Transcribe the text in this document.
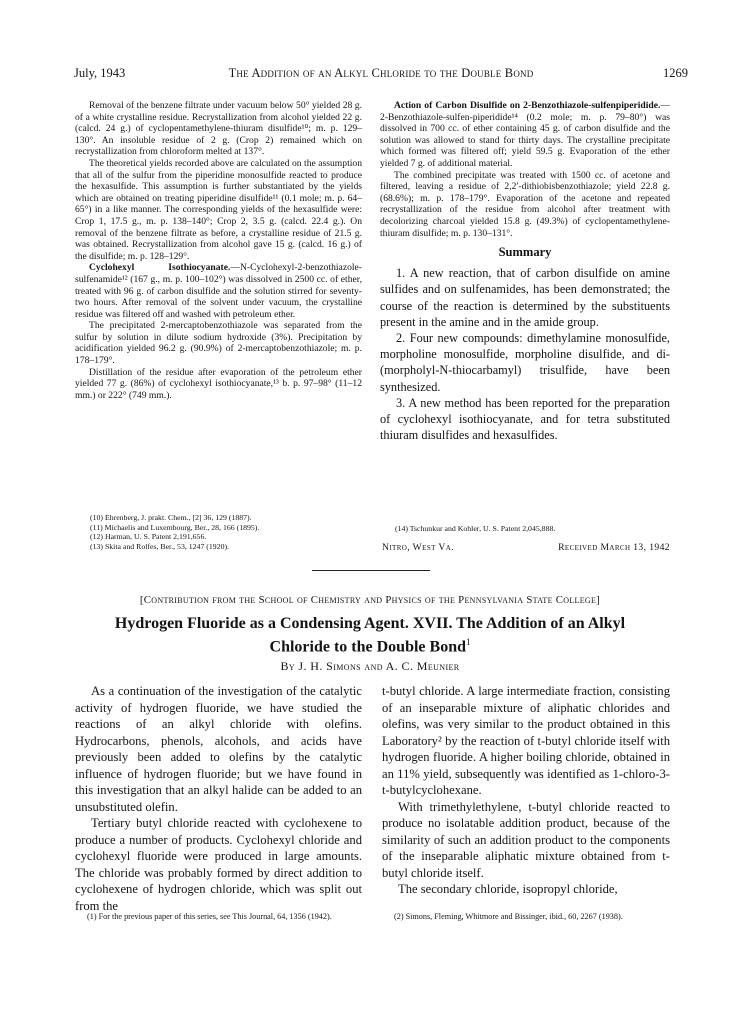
July, 1943	The Addition of an Alkyl Chloride to the Double Bond	1269

Removal of the benzene filtrate under vacuum below 50° yielded 28 g. of a white crystalline residue. Recrystallization from alcohol yielded 22 g. (calcd. 24 g.) of cyclopentamethylene-thiuram disulfide¹⁰; m. p. 129–130°. An insoluble residue of 2 g. (Crop 2) remained which on recrystallization from chloroform melted at 137°.

The theoretical yields recorded above are calculated on the assumption that all of the sulfur from the piperidine monosulfide reacted to produce the hexasulfide. This assumption is further substantiated by the yields which are obtained on treating piperidine disulfide¹¹ (0.1 mole; m. p. 64–65°) in a like manner. The corresponding yields of the hexasulfide were: Crop 1, 17.5 g., m. p. 138–140°; Crop 2, 3.5 g. (calcd. 22.4 g.). On removal of the benzene filtrate as before, a crystalline residue of 21.5 g. was obtained. Recrystallization from alcohol gave 15 g. (calcd. 16 g.) of the disulfide; m. p. 128–129°.

Cyclohexyl Isothiocyanate.—N-Cyclohexyl-2-benzothiazole-sulfenamide¹² (167 g., m. p. 100–102°) was dissolved in 2500 cc. of ether, treated with 96 g. of carbon disulfide and the solution stirred for seventy-two hours. After removal of the solvent under vacuum, the crystalline residue was filtered off and washed with petroleum ether.

The precipitated 2-mercaptobenzothiazole was separated from the sulfur by solution in dilute sodium hydroxide (3%). Precipitation by acidification yielded 96.2 g. (90.9%) of 2-mercaptobenzothiazole; m. p. 178–179°.

Distillation of the residue after evaporation of the petroleum ether yielded 77 g. (86%) of cyclohexyl isothiocyanate,¹³ b. p. 97–98° (11–12 mm.) or 222° (749 mm.).

(10) Ehrenberg, J. prakt. Chem., [2] 36, 129 (1887).
(11) Michaelis and Luxembourg, Ber., 28, 166 (1895).
(12) Harman, U. S. Patent 2,191,656.
(13) Skita and Rolfes, Ber., 53, 1247 (1920).

Action of Carbon Disulfide on 2-Benzothiazole-sulfenpiperidide.—2-Benzothiazole-sulfen-piperidide¹⁴ (0.2 mole; m. p. 79–80°) was dissolved in 700 cc. of ether containing 45 g. of carbon disulfide and the solution was allowed to stand for thirty days. The crystalline precipitate which formed was filtered off; yield 59.5 g. Evaporation of the ether yielded 7 g. of additional material.

The combined precipitate was treated with 1500 cc. of acetone and filtered, leaving a residue of 2,2′-dithiobisbenzothiazole; yield 22.8 g. (68.6%); m. p. 178–179°. Evaporation of the acetone and repeated recrystallization of the residue from alcohol after treatment with decolorizing charcoal yielded 15.8 g. (49.3%) of cyclopentamethylene-thiuram disulfide; m. p. 130–131°.

Summary

1. A new reaction, that of carbon disulfide on amine sulfides and on sulfenamides, has been demonstrated; the course of the reaction is determined by the substituents present in the amine and in the amide group.

2. Four new compounds: dimethylamine monosulfide, morpholine monosulfide, morpholine disulfide, and di-(morpholyl-N-thiocarbamyl) trisulfide, have been synthesized.

3. A new method has been reported for the preparation of cyclohexyl isothiocyanate, and for tetra substituted thiuram disulfides and hexasulfides.

(14) Tschunkur and Kohler, U. S. Patent 2,045,888.
Nitro, West Va.	Received March 13, 1942
[Contribution from the School of Chemistry and Physics of the Pennsylvania State College]
Hydrogen Fluoride as a Condensing Agent. XVII. The Addition of an Alkyl
Chloride to the Double Bond$^1$
By J. H. Simons and A. C. Meunier

As a continuation of the investigation of the catalytic activity of hydrogen fluoride, we have studied the reactions of an alkyl chloride with olefins. Hydrocarbons, phenols, alcohols, and acids have previously been added to olefins by the catalytic influence of hydrogen fluoride; but we have found in this investigation that an alkyl halide can be added to an unsubstituted olefin.

Tertiary butyl chloride reacted with cyclohexene to produce a number of products. Cyclohexyl chloride and cyclohexyl fluoride were produced in large amounts. The chloride was probably formed by direct addition to cyclohexene of hydrogen chloride, which was split out from the

t-butyl chloride. A large intermediate fraction, consisting of an inseparable mixture of aliphatic chlorides and olefins, was very similar to the product obtained in this Laboratory² by the reaction of t-butyl chloride itself with hydrogen fluoride. A higher boiling chloride, obtained in an 11% yield, subsequently was identified as 1-chloro-3-t-butylcyclohexane.

With trimethylethylene, t-butyl chloride reacted to produce no isolatable addition product, because of the similarity of such an addition product to the components of the inseparable aliphatic mixture obtained from t-butyl chloride itself.

The secondary chloride, isopropyl chloride,

(1) For the previous paper of this series, see This Journal, 64, 1356 (1942).	(2) Simons, Fleming, Whitmore and Bissinger, ibid., 60, 2267 (1938).
